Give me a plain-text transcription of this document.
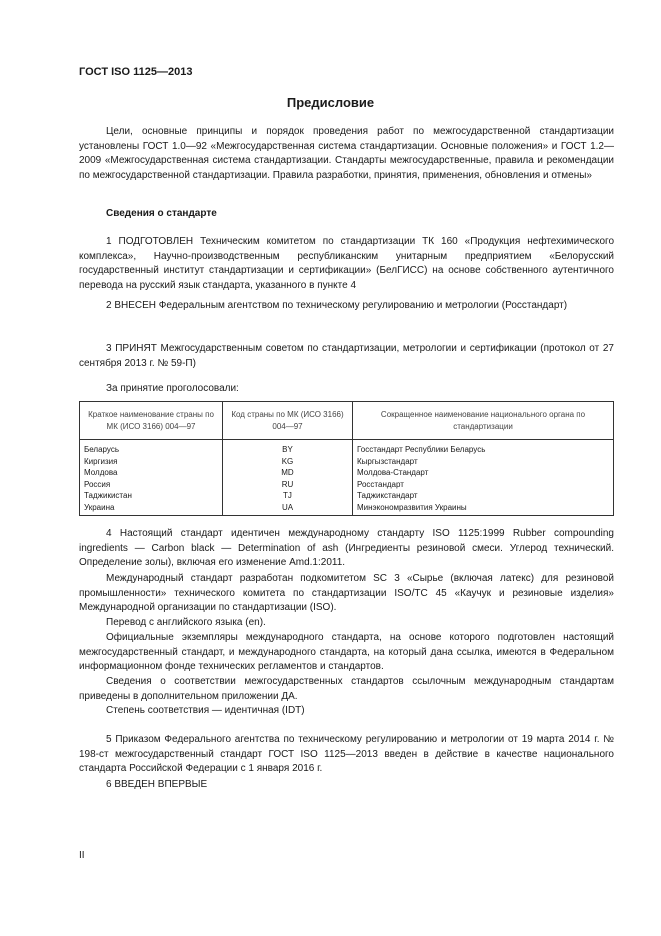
ГОСТ ISO 1125—2013
Предисловие

Цели, основные принципы и порядок проведения работ по межгосударственной стандартизации установлены ГОСТ 1.0—92 «Межгосударственная система стандартизации. Основные положения» и ГОСТ 1.2—2009 «Межгосударственная система стандартизации. Стандарты межгосударственные, правила и рекомендации по межгосударственной стандартизации. Правила разработки, принятия, применения, обновления и отмены»

Сведения о стандарте

1 ПОДГОТОВЛЕН Техническим комитетом по стандартизации ТК 160 «Продукция нефтехимического комплекса», Научно-производственным республиканским унитарным предприятием «Белорусский государственный институт стандартизации и сертификации» (БелГИСС) на основе собственного аутентичного перевода на русский язык стандарта, указанного в пункте 4

2 ВНЕСЕН Федеральным агентством по техническому регулированию и метрологии (Росстандарт)

3 ПРИНЯТ Межгосударственным советом по стандартизации, метрологии и сертификации (протокол от 27 сентября 2013 г. № 59-П)

За принятие проголосовали:
Краткое наименование страны по МК (ИСО 3166) 004—97	Код страны по МК (ИСО 3166) 004—97	Сокращенное наименование национального органа по стандартизации
Беларусь	BY	Госстандарт Республики Беларусь
Киргизия	KG	Кыргызстандарт
Молдова	MD	Молдова-Стандарт
Россия	RU	Росстандарт
Таджикистан	TJ	Таджикстандарт
Украина	UA	Минэкономразвития Украины

4 Настоящий стандарт идентичен международному стандарту ISO 1125:1999 Rubber compounding ingredients — Carbon black — Determination of ash (Ингредиенты резиновой смеси. Углерод технический. Определение золы), включая его изменение Amd.1:2011.

Международный стандарт разработан подкомитетом SC 3 «Сырье (включая латекс) для резиновой промышленности» технического комитета по стандартизации ISO/TC 45 «Каучук и резиновые изделия» Международной организации по стандартизации (ISO).

Перевод с английского языка (en).

Официальные экземпляры международного стандарта, на основе которого подготовлен настоящий межгосударственный стандарт, и международного стандарта, на который дана ссылка, имеются в Федеральном информационном фонде технических регламентов и стандартов.

Сведения о соответствии межгосударственных стандартов ссылочным международным стандартам приведены в дополнительном приложении ДА.

Степень соответствия — идентичная (IDT)

5 Приказом Федерального агентства по техническому регулированию и метрологии от 19 марта 2014 г. № 198-ст межгосударственный стандарт ГОСТ ISO 1125—2013 введен в действие в качестве национального стандарта Российской Федерации с 1 января 2016 г.

6 ВВЕДЕН ВПЕРВЫЕ

II
